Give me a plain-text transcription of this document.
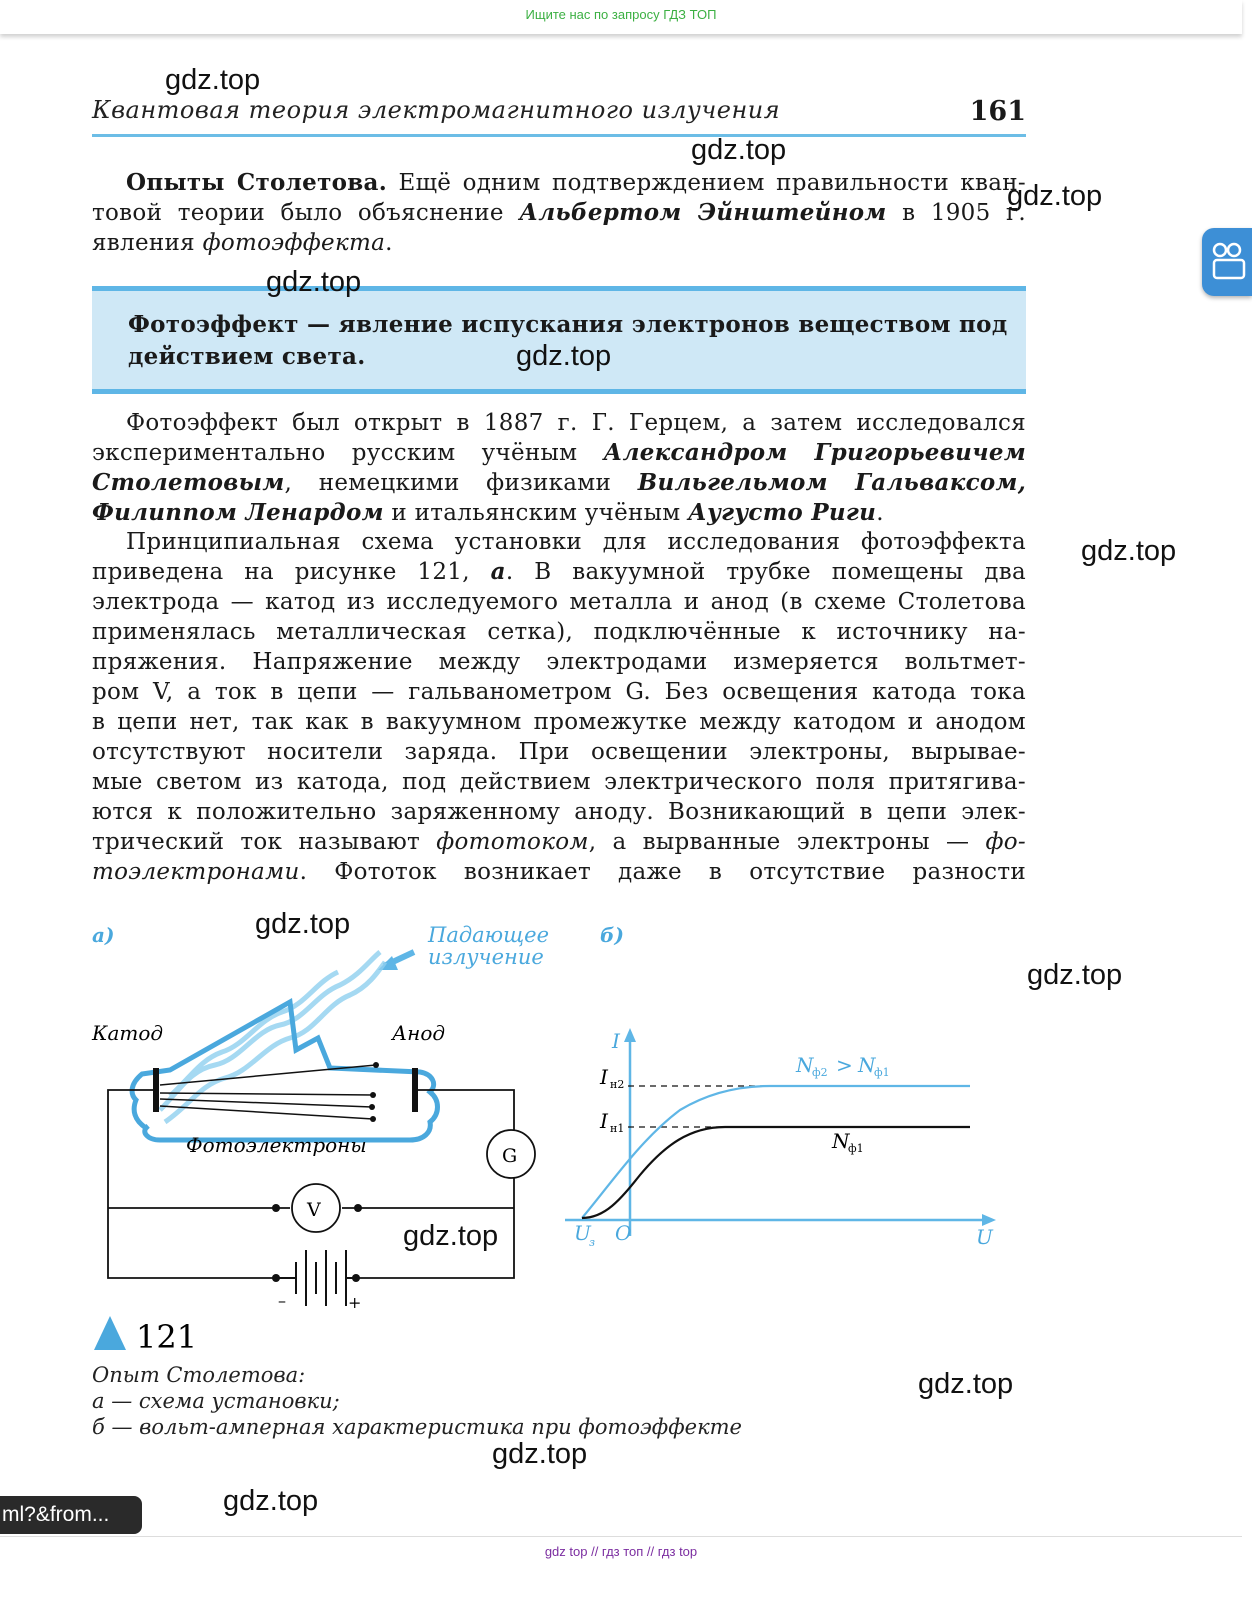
Ищите нас по запросу ГДЗ ТОП
Квантовая теория электромагнитного излучения	161
Опыты Столетова. Ещё одним подтверждением правильности кван-
товой теории было объяснение Альбертом Эйнштейном в 1905 г.
явления фотоэффекта.
Фотоэффект — явление испускания электронов веществом под
действием света.
Фотоэффект был открыт в 1887 г. Г. Герцем, а затем исследовался
экспериментально русским учёным Александром Григорьевичем
Столетовым, немецкими физиками Вильгельмом Гальваксом,
Филиппом Ленардом и итальянским учёным Аугусто Риги.
Принципиальная схема установки для исследования фотоэффекта
приведена на рисунке 121, а. В вакуумной трубке помещены два
электрода — катод из исследуемого металла и анод (в схеме Столетова
применялась металлическая сетка), подключённые к источнику на-
пряжения. Напряжение между электродами измеряется вольтмет-
ром V, а ток в цепи — гальванометром G. Без освещения катода тока
в цепи нет, так как в вакуумном промежутке между катодом и анодом
отсутствуют носители заряда. При освещении электроны, вырывае-
мые светом из катода, под действием электрического поля притягива-
ются к положительно заряженному аноду. Возникающий в цепи элек-
трический ток называют фототоком, а вырванные электроны — фо-
тоэлектронами. Фототок возникает даже в отсутствие разности
а)	Падающее
излучение
Катод	Анод
Фотоэлектроны	G
V
–	+
б)
I
U
O
U
з
I н2
I н1
N
ф2 > N
ф1
N
ф1
121
Опыт Столетова:
а — схема установки;
б — вольт-амперная характеристика при фотоэффекте
gdz.top
gdz.top
gdz.top
gdz.top
gdz.top
gdz.top
gdz.top
gdz.top
gdz.top
gdz.top
gdz.top
gdz.top
ml?&from...
gdz top // гдз топ // гдз top
